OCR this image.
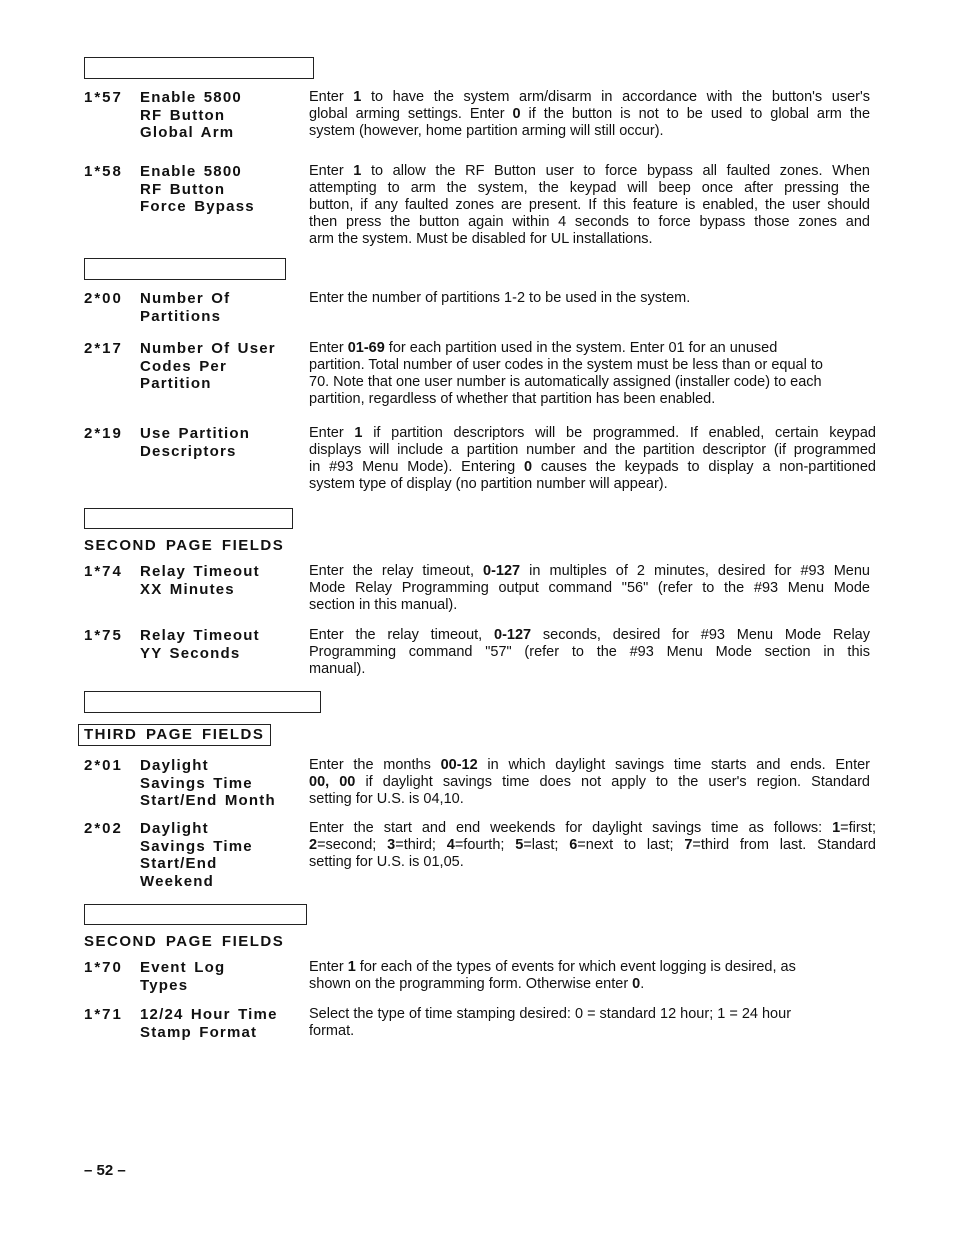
SECOND PAGE FIELDS
THIRD PAGE FIELDS
SECOND PAGE FIELDS
1*57 Enable 5800
RF Button
Global Arm
Enter 1 to have the system arm/disarm in accordance with the button's user's
global arming settings. Enter 0 if the button is not to be used to global arm the
system (however, home partition arming will still occur).
1*58 Enable 5800
RF Button
Force Bypass
Enter 1 to allow the RF Button user to force bypass all faulted zones. When
attempting to arm the system, the keypad will beep once after pressing the
button, if any faulted zones are present. If this feature is enabled, the user should
then press the button again within 4 seconds to force bypass those zones and
arm the system. Must be disabled for UL installations.
2*00 Number Of
Partitions
Enter the number of partitions 1-2 to be used in the system.
2*17 Number Of User
Codes Per
Partition
Enter 01-69 for each partition used in the system. Enter 01 for an unused
partition. Total number of user codes in the system must be less than or equal to
70. Note that one user number is automatically assigned (installer code) to each
partition, regardless of whether that partition has been enabled.
2*19 Use Partition
Descriptors
Enter 1 if partition descriptors will be programmed. If enabled, certain keypad
displays will include a partition number and the partition descriptor (if programmed
in #93 Menu Mode). Entering 0 causes the keypads to display a non-partitioned
system type of display (no partition number will appear).
1*74 Relay Timeout
XX Minutes
Enter the relay timeout, 0-127 in multiples of 2 minutes, desired for #93 Menu
Mode Relay Programming output command "56" (refer to the #93 Menu Mode
section in this manual).
1*75 Relay Timeout
YY Seconds
Enter the relay timeout, 0-127 seconds, desired for #93 Menu Mode Relay
Programming command "57" (refer to the #93 Menu Mode section in this
manual).
2*01 Daylight
Savings Time
Start/End Month
Enter the months 00-12 in which daylight savings time starts and ends. Enter
00, 00 if daylight savings time does not apply to the user's region. Standard
setting for U.S. is 04,10.
2*02 Daylight
Savings Time
Start/End
Weekend
Enter the start and end weekends for daylight savings time as follows: 1=first;
2=second; 3=third; 4=fourth; 5=last; 6=next to last; 7=third from last. Standard
setting for U.S. is 01,05.
1*70 Event Log
Types
Enter 1 for each of the types of events for which event logging is desired, as
shown on the programming form. Otherwise enter 0.
1*71 12/24 Hour Time
Stamp Format
Select the type of time stamping desired: 0 = standard 12 hour; 1 = 24 hour
format.
– 52 –
